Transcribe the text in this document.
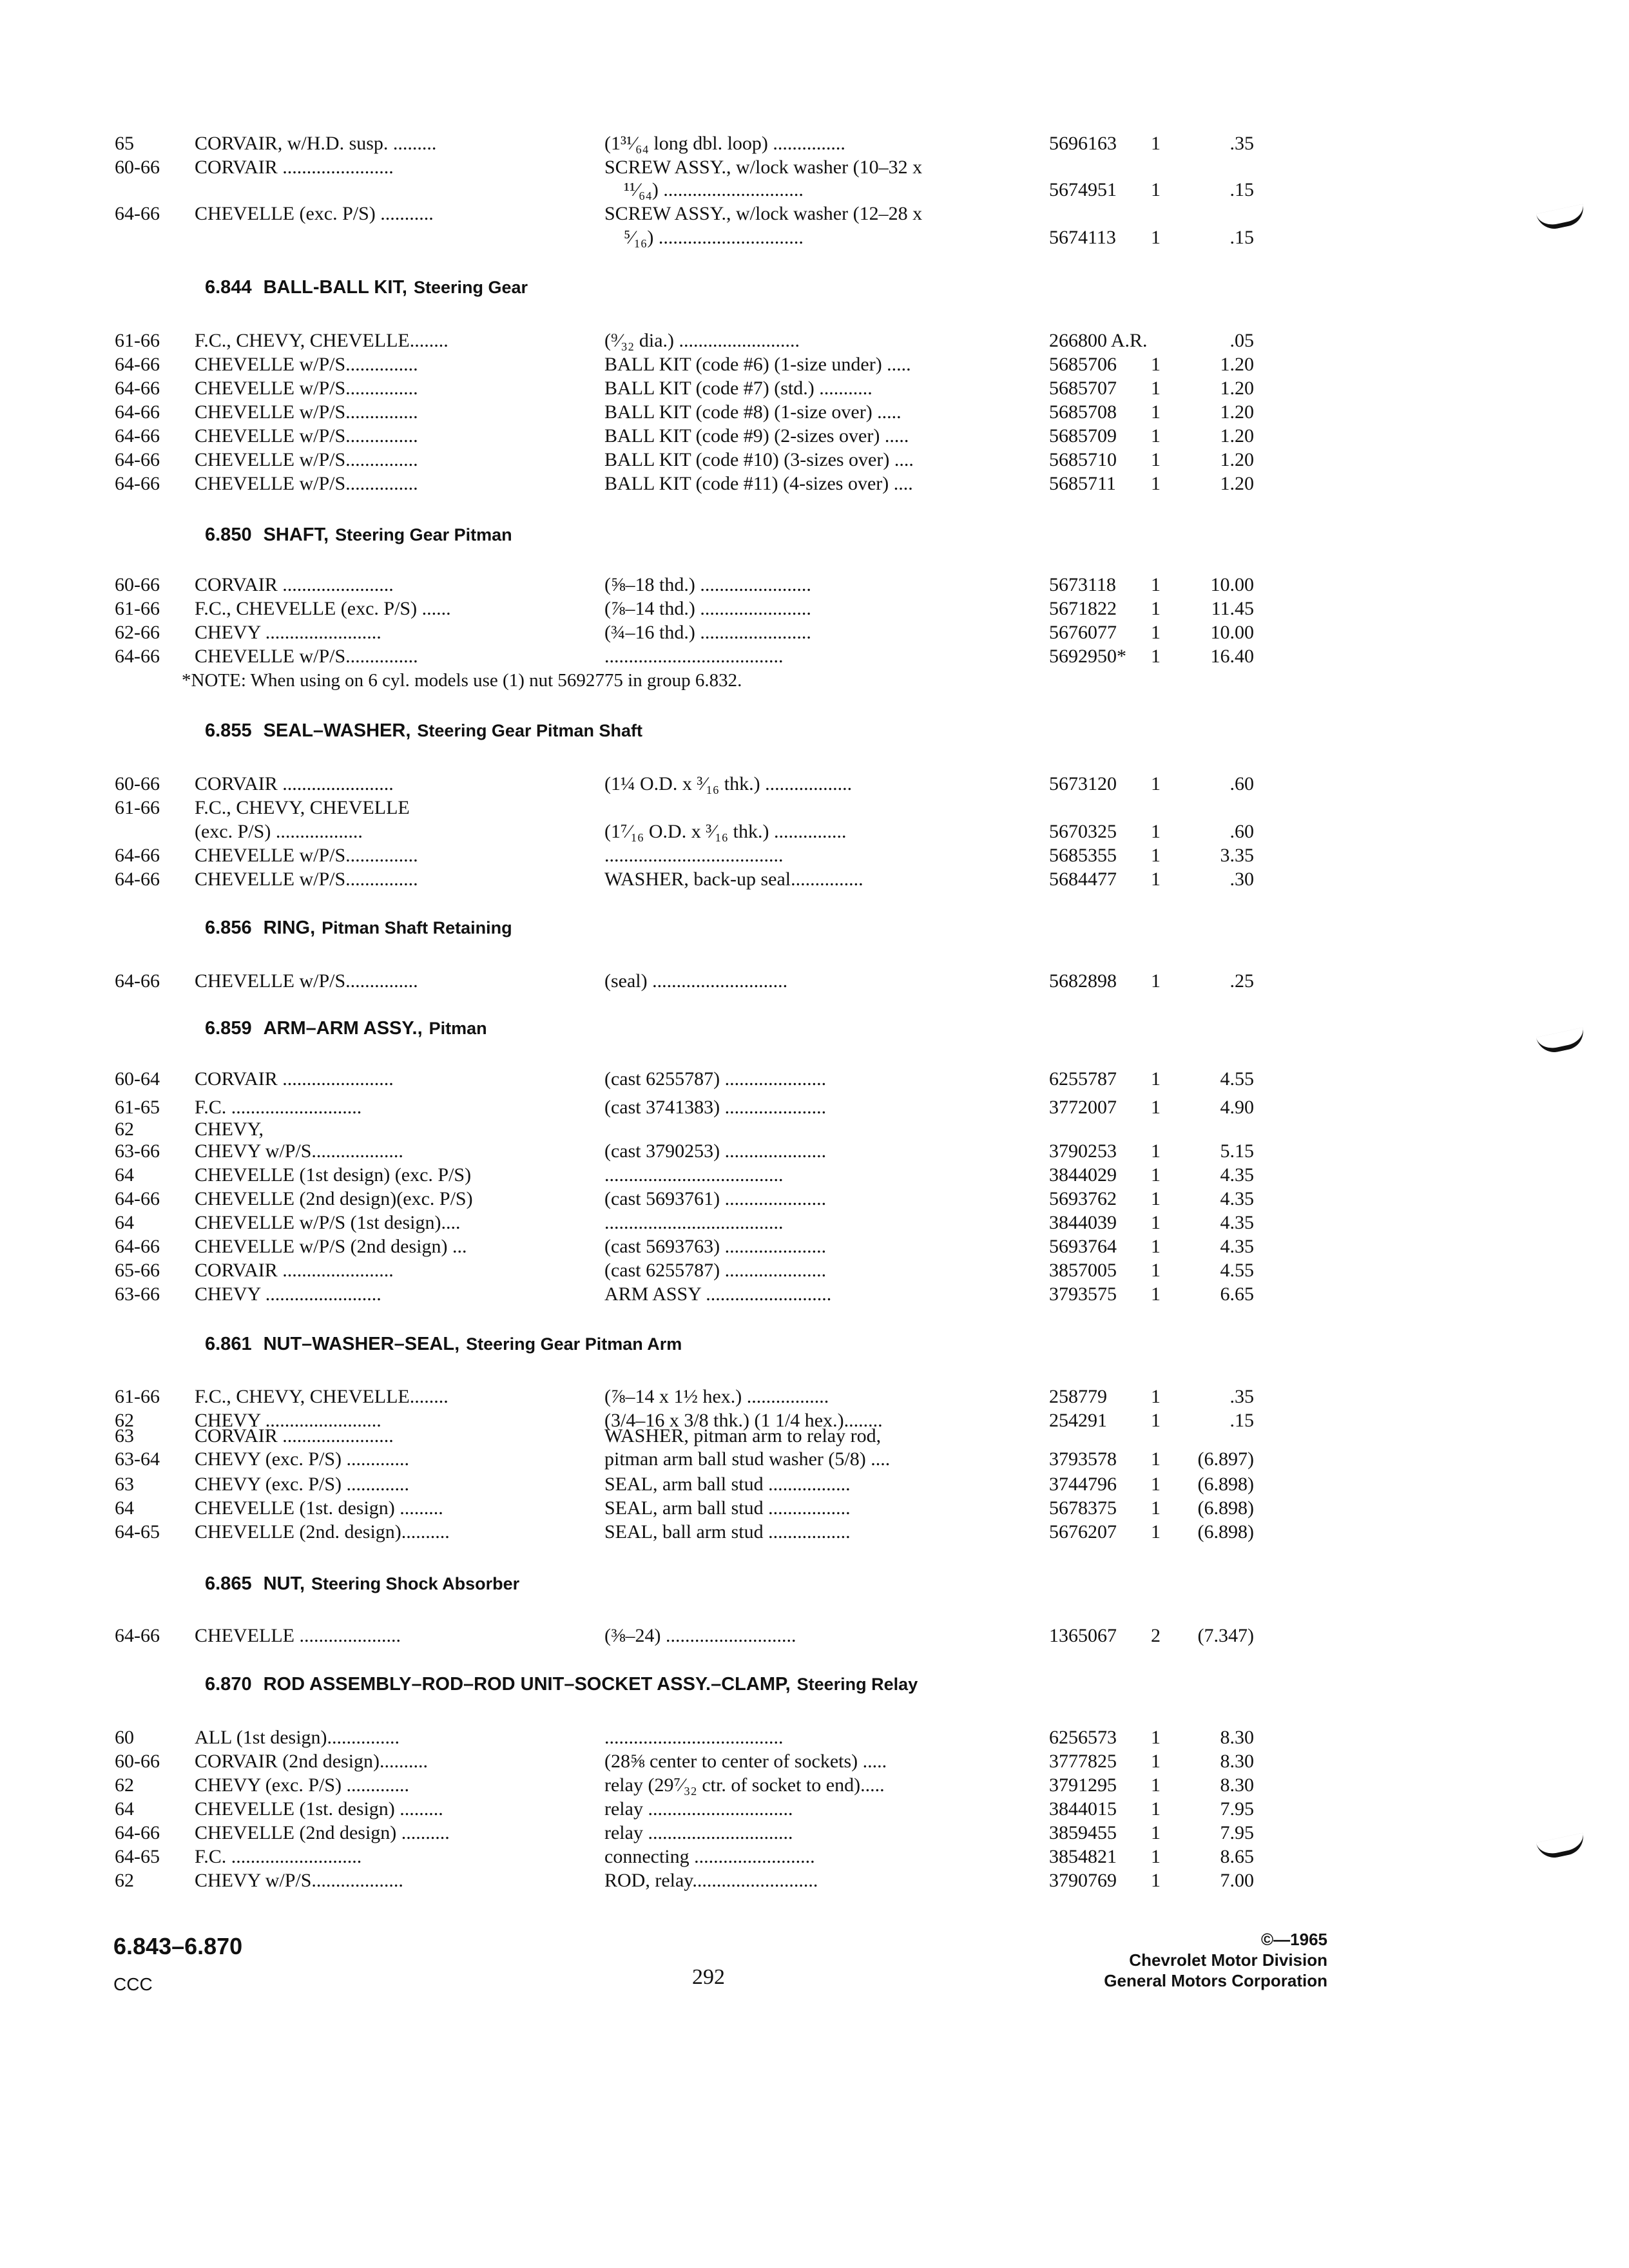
65	CORVAIR, w/H.D. susp. .........	(1³¹⁄₆₄ long dbl. loop) ...............	5696163 1	.35
60-66 CORVAIR .......................	SCREW ASSY., w/lock washer (10–32 x
¹¹⁄₆₄) .............................	5674951 1	.15
64-66 CHEVELLE (exc. P/S) ...........	SCREW ASSY., w/lock washer (12–28 x
⁵⁄₁₆) ..............................	5674113 1	.15
6.844 BALL-BALL KIT, Steering Gear
61-66 F.C., CHEVY, CHEVELLE........	(⁹⁄₃₂ dia.) .........................	266800 A.R.	.05
64-66 CHEVELLE w/P/S...............	BALL KIT (code #6) (1-size under) .....	5685706 1	1.20
64-66 CHEVELLE w/P/S...............	BALL KIT (code #7) (std.) ...........	5685707 1	1.20
64-66 CHEVELLE w/P/S...............	BALL KIT (code #8) (1-size over) .....	5685708 1	1.20
64-66 CHEVELLE w/P/S...............	BALL KIT (code #9) (2-sizes over) .....	5685709 1	1.20
64-66 CHEVELLE w/P/S...............	BALL KIT (code #10) (3-sizes over) ....	5685710 1	1.20
64-66 CHEVELLE w/P/S...............	BALL KIT (code #11) (4-sizes over) ....	5685711 1	1.20
6.850 SHAFT, Steering Gear Pitman
60-66 CORVAIR .......................	(⅝–18 thd.) .......................	5673118 1	10.00
61-66 F.C., CHEVELLE (exc. P/S) ......	(⅞–14 thd.) .......................	5671822 1	11.45
62-66 CHEVY ........................	(¾–16 thd.) .......................	5676077 1	10.00
64-66 CHEVELLE w/P/S...............	.....................................	5692950* 1	16.40
*NOTE: When using on 6 cyl. models use (1) nut 5692775 in group 6.832.
6.855 SEAL–WASHER, Steering Gear Pitman Shaft
60-66 CORVAIR .......................	(1¼ O.D. x ³⁄₁₆ thk.) ..................	5673120 1	.60
61-66 F.C., CHEVY, CHEVELLE
(exc. P/S) ..................	(1⁷⁄₁₆ O.D. x ³⁄₁₆ thk.) ...............	5670325 1	.60
64-66 CHEVELLE w/P/S...............	.....................................	5685355 1	3.35
64-66 CHEVELLE w/P/S...............	WASHER, back-up seal...............	5684477 1	.30
6.856 RING, Pitman Shaft Retaining
64-66 CHEVELLE w/P/S...............	(seal) ............................	5682898 1	.25
6.859 ARM–ARM ASSY., Pitman
60-64 CORVAIR .......................	(cast 6255787) .....................	6255787 1	4.55
61-65 F.C. ...........................	(cast 3741383) .....................	3772007 1	4.90
62	CHEVY,
63-66 CHEVY w/P/S...................	(cast 3790253) .....................	3790253 1	5.15
64	CHEVELLE (1st design) (exc. P/S)	.....................................	3844029 1	4.35
64-66 CHEVELLE (2nd design)(exc. P/S)	(cast 5693761) .....................	5693762 1	4.35
64	CHEVELLE w/P/S (1st design)....	.....................................	3844039 1	4.35
64-66 CHEVELLE w/P/S (2nd design) ...	(cast 5693763) .....................	5693764 1	4.35
65-66 CORVAIR .......................	(cast 6255787) .....................	3857005 1	4.55
63-66 CHEVY ........................	ARM ASSY ..........................	3793575 1	6.65
6.861 NUT–WASHER–SEAL, Steering Gear Pitman Arm
61-66 F.C., CHEVY, CHEVELLE........	(⅞–14 x 1½ hex.) .................	258779 1	.35
62	CHEVY ........................	(3/4–16 x 3/8 thk.) (1 1/4 hex.)........	254291 1	.15
63	CORVAIR .......................	WASHER, pitman arm to relay rod,
63-64 CHEVY (exc. P/S) .............	pitman arm ball stud washer (5/8) ....	3793578 1	(6.897)
63	CHEVY (exc. P/S) .............	SEAL, arm ball stud .................	3744796 1	(6.898)
64	CHEVELLE (1st. design) .........	SEAL, arm ball stud .................	5678375 1	(6.898)
64-65 CHEVELLE (2nd. design)..........	SEAL, ball arm stud .................	5676207 1	(6.898)
6.865 NUT, Steering Shock Absorber
64-66 CHEVELLE .....................	(⅜–24) ...........................	1365067 2	(7.347)
6.870 ROD ASSEMBLY–ROD–ROD UNIT–SOCKET ASSY.–CLAMP, Steering Relay
60	ALL (1st design)...............	.....................................	6256573 1	8.30
60-66 CORVAIR (2nd design)..........	(28⅝ center to center of sockets) .....	3777825 1	8.30
62	CHEVY (exc. P/S) .............	relay (29⁷⁄₃₂ ctr. of socket to end).....	3791295 1	8.30
64	CHEVELLE (1st. design) .........	relay ..............................	3844015 1	7.95
64-66 CHEVELLE (2nd design) ..........	relay ..............................	3859455 1	7.95
64-65 F.C. ...........................	connecting .........................	3854821 1	8.65
62	CHEVY w/P/S...................	ROD, relay..........................	3790769 1	7.00
6.843–6.870
CCC	292
©—1965
Chevrolet Motor Division
General Motors Corporation
